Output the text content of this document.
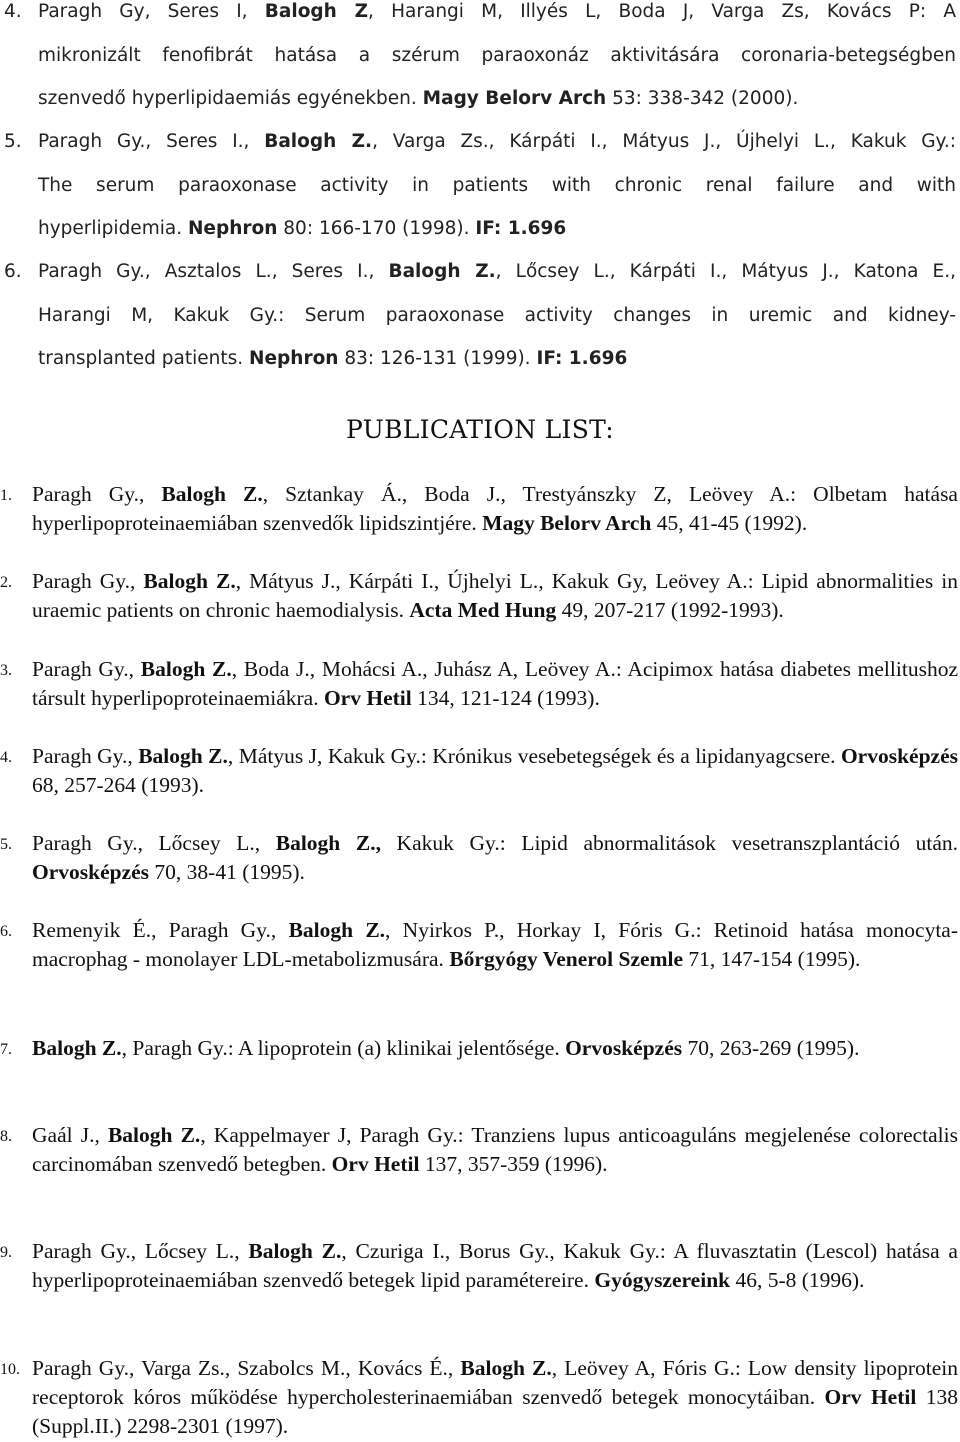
4. Paragh Gy, Seres I, Balogh Z, Harangi M, Illyés L, Boda J, Varga Zs, Kovács P: A
mikronizált fenofibrát hatása a szérum paraoxonáz aktivitására coronaria-betegségben
szenvedő hyperlipidaemiás egyénekben. Magy Belorv Arch 53: 338-342 (2000).
5. Paragh Gy., Seres I., Balogh Z., Varga Zs., Kárpáti I., Mátyus J., Újhelyi L., Kakuk Gy.:
The serum paraoxonase activity in patients with chronic renal failure and with
hyperlipidemia. Nephron 80: 166-170 (1998). IF: 1.696
6. Paragh Gy., Asztalos L., Seres I., Balogh Z., Lőcsey L., Kárpáti I., Mátyus J., Katona E.,
Harangi M, Kakuk Gy.: Serum paraoxonase activity changes in uremic and kidney-
transplanted patients. Nephron 83: 126-131 (1999). IF: 1.696
PUBLICATION LIST:
1. Paragh Gy., Balogh Z., Sztankay Á., Boda J., Trestyánszky Z, Leövey A.: Olbetam hatása hyperlipoproteinaemiában szenvedők lipidszintjére. Magy Belorv Arch 45, 41-45 (1992).
2. Paragh Gy., Balogh Z., Mátyus J., Kárpáti I., Újhelyi L., Kakuk Gy, Leövey A.: Lipid abnormalities in uraemic patients on chronic haemodialysis. Acta Med Hung 49, 207-217 (1992-1993).
3. Paragh Gy., Balogh Z., Boda J., Mohácsi A., Juhász A, Leövey A.: Acipimox hatása diabetes mellitushoz társult hyperlipoproteinaemiákra. Orv Hetil 134, 121-124 (1993).
4. Paragh Gy., Balogh Z., Mátyus J, Kakuk Gy.: Krónikus vesebetegségek és a lipidanyagcsere. Orvosképzés 68, 257-264 (1993).
5. Paragh Gy., Lőcsey L., Balogh Z., Kakuk Gy.: Lipid abnormalitások vesetranszplantáció után. Orvosképzés 70, 38-41 (1995).
6. Remenyik É., Paragh Gy., Balogh Z., Nyirkos P., Horkay I, Fóris G.: Retinoid hatása monocyta- macrophag - monolayer LDL-metabolizmusára. Bőrgyógy Venerol Szemle 71, 147-154 (1995).
7. Balogh Z., Paragh Gy.: A lipoprotein (a) klinikai jelentősége. Orvosképzés 70, 263-269 (1995).
8. Gaál J., Balogh Z., Kappelmayer J, Paragh Gy.: Tranziens lupus anticoaguláns megjelenése colorectalis carcinomában szenvedő betegben. Orv Hetil 137, 357-359 (1996).
9. Paragh Gy., Lőcsey L., Balogh Z., Czuriga I., Borus Gy., Kakuk Gy.: A fluvasztatin (Lescol) hatása a hyperlipoproteinaemiában szenvedő betegek lipid paramétereire. Gyógyszereink 46, 5-8 (1996).
10. Paragh Gy., Varga Zs., Szabolcs M., Kovács É., Balogh Z., Leövey A, Fóris G.: Low density lipoprotein receptorok kóros működése hypercholesterinaemiában szenvedő betegek monocytáiban. Orv Hetil 138 (Suppl.II.) 2298-2301 (1997).
